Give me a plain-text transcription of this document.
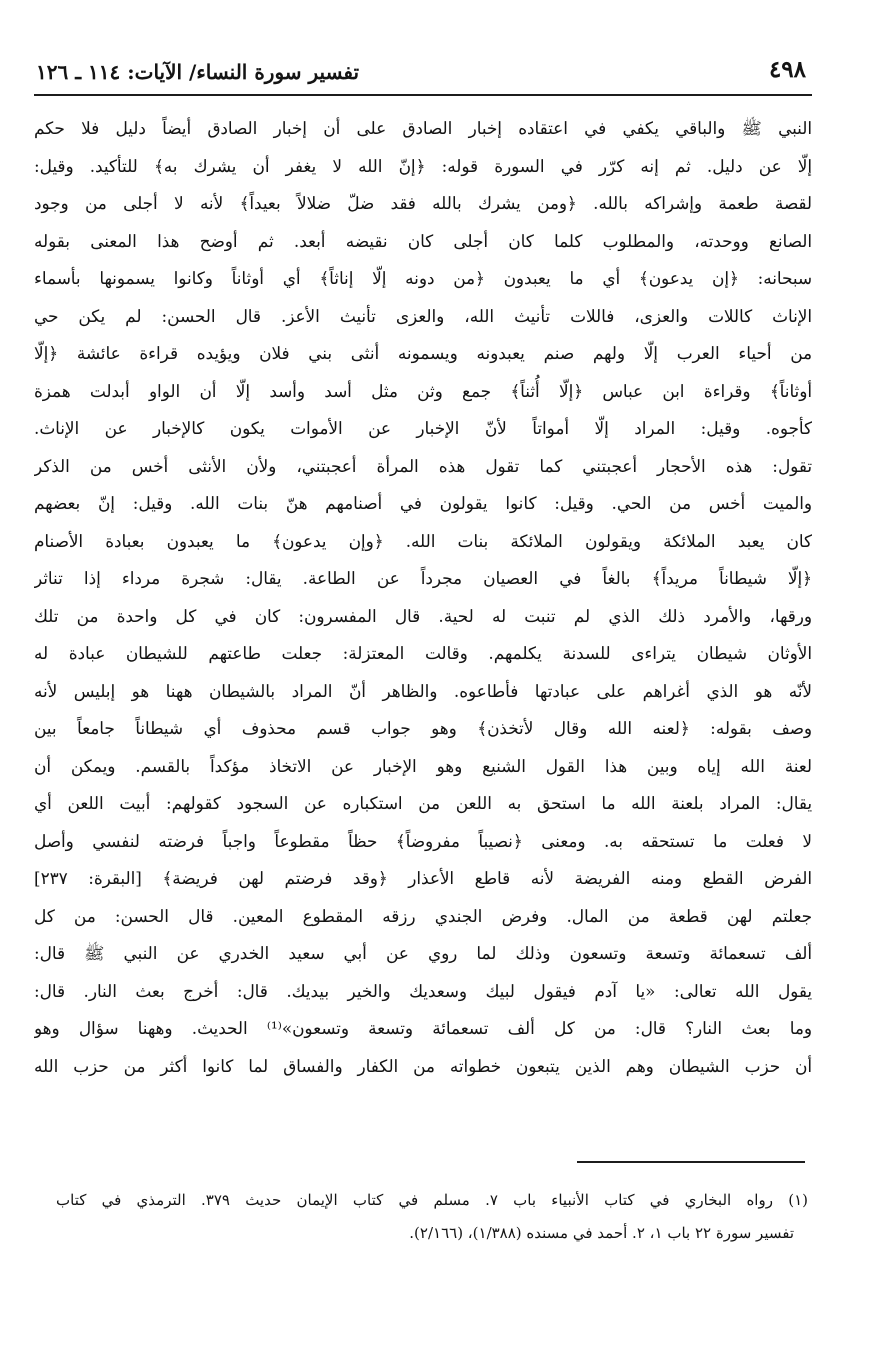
٤٩٨

تفسير سورة النساء/ الآيات: ١١٤ ـ ١٢٦

النبي ﷺ والباقي يكفي في اعتقاده إخبار الصادق على أن إخبار الصادق أيضاً دليل فلا حكم
إلّا عن دليل. ثم إنه كرّر في السورة قوله: ﴿إنّ الله لا يغفر أن يشرك به﴾ للتأكيد. وقيل:
لقصة طعمة وإشراكه بالله. ﴿ومن يشرك بالله فقد ضلّ ضلالاً بعيداً﴾ لأنه لا أجلى من وجود
الصانع ووحدته، والمطلوب كلما كان أجلى كان نقيضه أبعد. ثم أوضح هذا المعنى بقوله
سبحانه: ﴿إن يدعون﴾ أي ما يعبدون ﴿من دونه إلّا إناثاً﴾ أي أوثاناً وكانوا يسمونها بأسماء
الإناث كاللات والعزى، فاللات تأنيث الله، والعزى تأنيث الأعز. قال الحسن: لم يكن حي
من أحياء العرب إلّا ولهم صنم يعبدونه ويسمونه أنثى بني فلان ويؤيده قراءة عائشة ﴿إلّا
أوثاناً﴾ وقراءة ابن عباس ﴿إلّا أُثناً﴾ جمع وثن مثل أسد وأسد إلّا أن الواو أبدلت همزة
كأجوه. وقيل: المراد إلّا أمواتاً لأنّ الإخبار عن الأموات يكون كالإخبار عن الإناث.
تقول: هذه الأحجار أعجبتني كما تقول هذه المرأة أعجبتني، ولأن الأنثى أخس من الذكر
والميت أخس من الحي. وقيل: كانوا يقولون في أصنامهم هنّ بنات الله. وقيل: إنّ بعضهم
كان يعبد الملائكة ويقولون الملائكة بنات الله. ﴿وإن يدعون﴾ ما يعبدون بعبادة الأصنام
﴿إلّا شيطاناً مريداً﴾ بالغاً في العصيان مجرداً عن الطاعة. يقال: شجرة مرداء إذا تناثر
ورقها، والأمرد ذلك الذي لم تنبت له لحية. قال المفسرون: كان في كل واحدة من تلك
الأوثان شيطان يتراءى للسدنة يكلمهم. وقالت المعتزلة: جعلت طاعتهم للشيطان عبادة له
لأنّه هو الذي أغراهم على عبادتها فأطاعوه. والظاهر أنّ المراد بالشيطان ههنا هو إبليس لأنه
وصف بقوله: ﴿لعنه الله وقال لأتخذن﴾ وهو جواب قسم محذوف أي شيطاناً جامعاً بين
لعنة الله إياه وبين هذا القول الشنيع وهو الإخبار عن الاتخاذ مؤكداً بالقسم. ويمكن أن
يقال: المراد بلعنة الله ما استحق به اللعن من استكباره عن السجود كقولهم: أبيت اللعن أي
لا فعلت ما تستحقه به. ومعنى ﴿نصيباً مفروضاً﴾ حظاً مقطوعاً واجباً فرضته لنفسي وأصل
الفرض القطع ومنه الفريضة لأنه قاطع الأعذار ﴿وقد فرضتم لهن فريضة﴾ [البقرة: ٢٣٧]
جعلتم لهن قطعة من المال. وفرض الجندي رزقه المقطوع المعين. قال الحسن: من كل
ألف تسعمائة وتسعة وتسعون وذلك لما روي عن أبي سعيد الخدري عن النبي ﷺ قال:
يقول الله تعالى: «يا آدم فيقول لبيك وسعديك والخير بيديك. قال: أخرج بعث النار. قال:
وما بعث النار؟ قال: من كل ألف تسعمائة وتسعة وتسعون»⁽¹⁾ الحديث. وههنا سؤال وهو
أن حزب الشيطان وهم الذين يتبعون خطواته من الكفار والفساق لما كانوا أكثر من حزب الله
(١) رواه البخاري في كتاب الأنبياء باب ٧. مسلم في كتاب الإيمان حديث ٣٧٩. الترمذي في كتاب
تفسير سورة ٢٢ باب ١، ٢. أحمد في مسنده (١/٣٨٨)، (٢/١٦٦).
